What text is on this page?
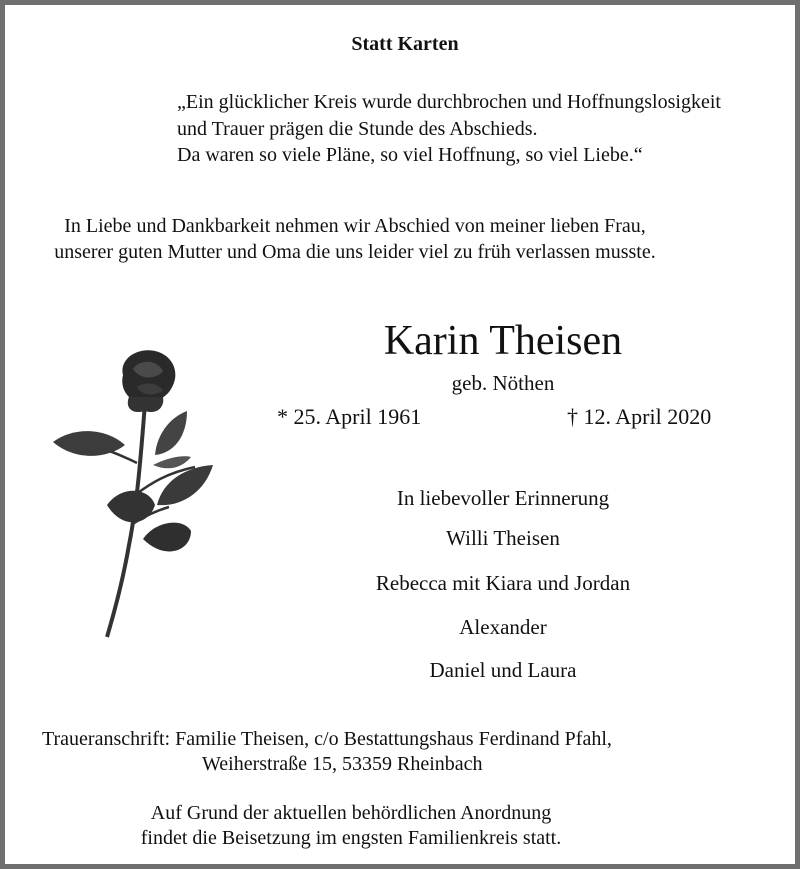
Statt Karten
„Ein glücklicher Kreis wurde durchbrochen und Hoffnungslosigkeit
und Trauer prägen die Stunde des Abschieds.
Da waren so viele Pläne, so viel Hoffnung, so viel Liebe.“
In Liebe und Dankbarkeit nehmen wir Abschied von meiner lieben Frau,
unserer guten Mutter und Oma die uns leider viel zu früh verlassen musste.
Karin Theisen
geb. Nöthen
* 25. April 1961	† 12. April 2020
In liebevoller Erinnerung
Willi Theisen
Rebecca mit Kiara und Jordan
Alexander
Daniel und Laura
Traueranschrift: Familie Theisen, c/o Bestattungshaus Ferdinand Pfahl,
Weiherstraße 15, 53359 Rheinbach
Auf Grund der aktuellen behördlichen Anordnung
findet die Beisetzung im engsten Familienkreis statt.
